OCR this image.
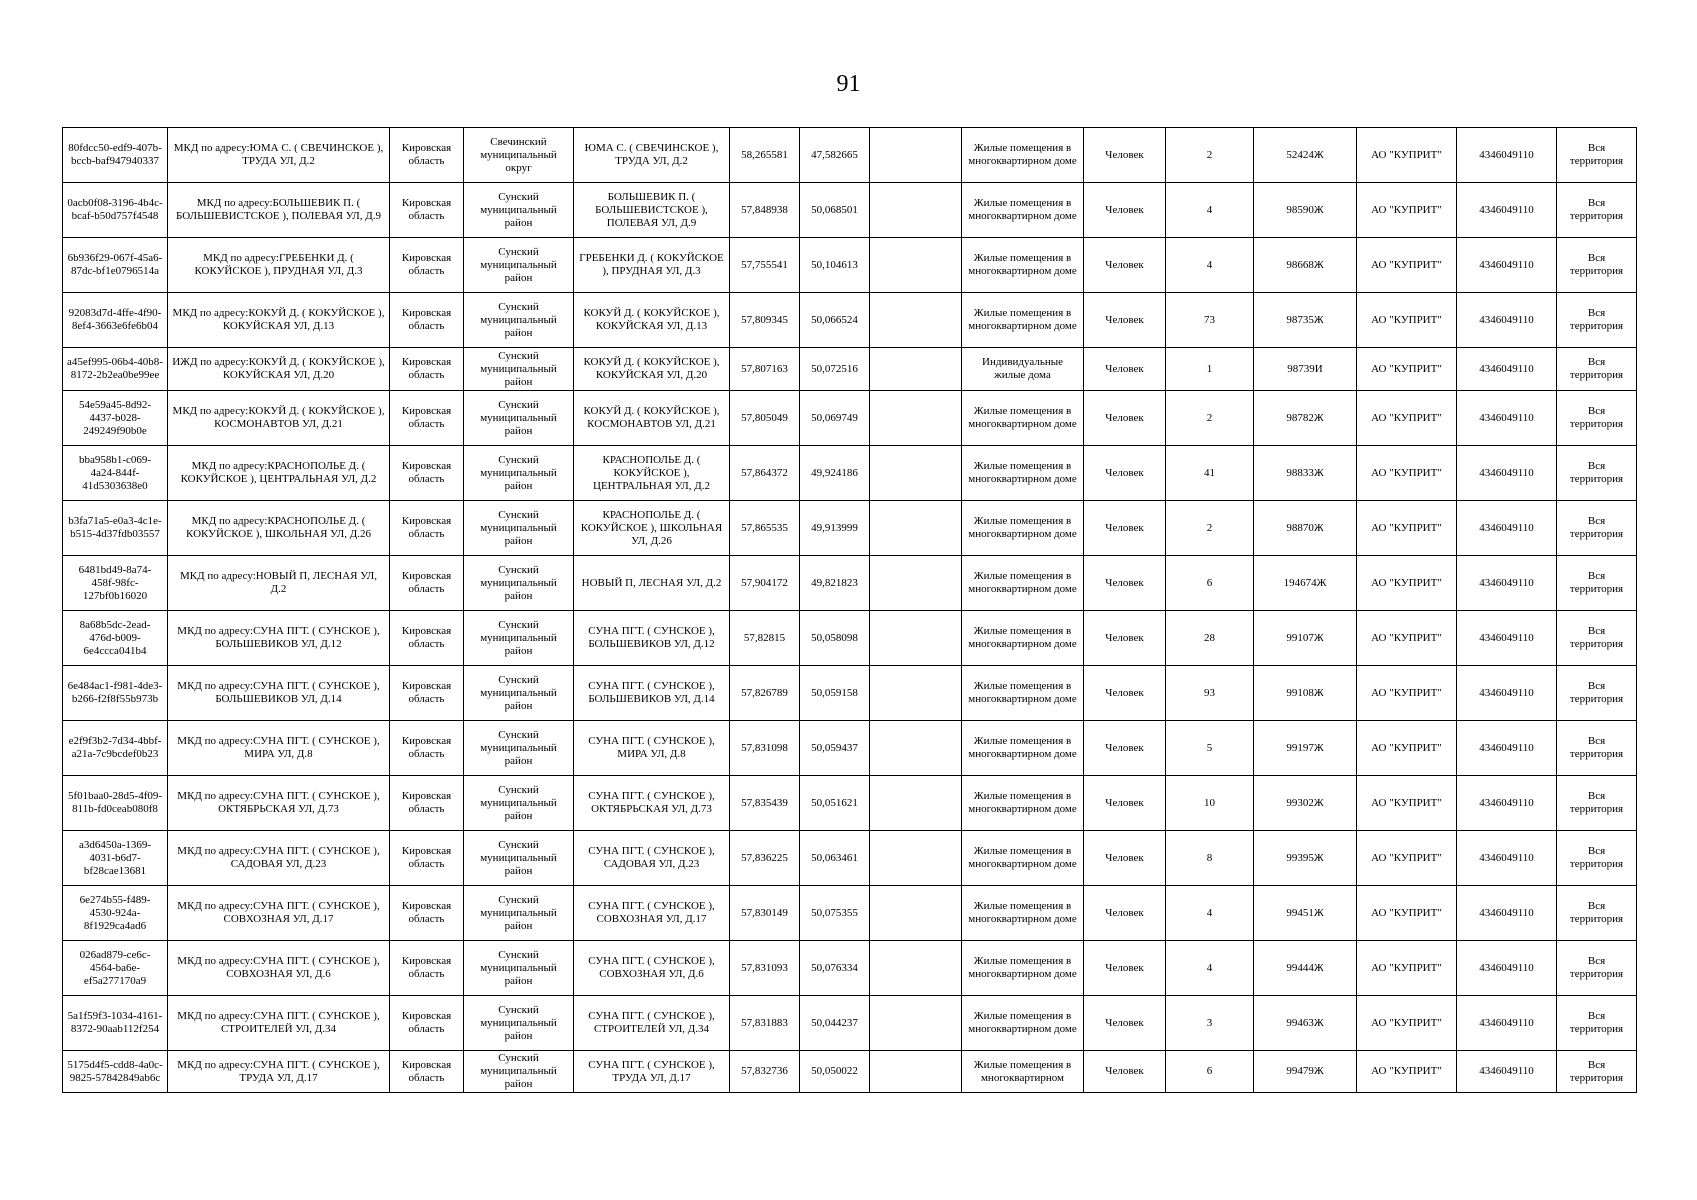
91
80fdcc50-edf9-407b-bccb-baf947940337	МКД по адресу:ЮМА С. ( СВЕЧИНСКОЕ ), ТРУДА УЛ, Д.2	Кировская область	Свечинский муниципальный округ	ЮМА С. ( СВЕЧИНСКОЕ ), ТРУДА УЛ, Д.2	58,265581	47,582665		Жилые помещения в многоквартирном доме	Человек	2	52424Ж	АО "КУПРИТ"	4346049110	Вся территория
0acb0f08-3196-4b4c-bcaf-b50d757f4548	МКД по адресу:БОЛЬШЕВИК П. ( БОЛЬШЕВИСТСКОЕ ), ПОЛЕВАЯ УЛ, Д.9	Кировская область	Сунский муниципальный район	БОЛЬШЕВИК П. ( БОЛЬШЕВИСТСКОЕ ), ПОЛЕВАЯ УЛ, Д.9	57,848938	50,068501		Жилые помещения в многоквартирном доме	Человек	4	98590Ж	АО "КУПРИТ"	4346049110	Вся территория
6b936f29-067f-45a6-87dc-bf1e0796514a	МКД по адресу:ГРЕБЕНКИ Д. ( КОКУЙСКОЕ ), ПРУДНАЯ УЛ, Д.3	Кировская область	Сунский муниципальный район	ГРЕБЕНКИ Д. ( КОКУЙСКОЕ ), ПРУДНАЯ УЛ, Д.3	57,755541	50,104613		Жилые помещения в многоквартирном доме	Человек	4	98668Ж	АО "КУПРИТ"	4346049110	Вся территория
92083d7d-4ffe-4f90-8ef4-3663e6fe6b04	МКД по адресу:КОКУЙ Д. ( КОКУЙСКОЕ ), КОКУЙСКАЯ УЛ, Д.13	Кировская область	Сунский муниципальный район	КОКУЙ Д. ( КОКУЙСКОЕ ), КОКУЙСКАЯ УЛ, Д.13	57,809345	50,066524		Жилые помещения в многоквартирном доме	Человек	73	98735Ж	АО "КУПРИТ"	4346049110	Вся территория
a45ef995-06b4-40b8-8172-2b2ea0be99ee	ИЖД по адресу:КОКУЙ Д. ( КОКУЙСКОЕ ), КОКУЙСКАЯ УЛ, Д.20	Кировская область	Сунский муниципальный район	КОКУЙ Д. ( КОКУЙСКОЕ ), КОКУЙСКАЯ УЛ, Д.20	57,807163	50,072516		Индивидуальные жилые дома	Человек	1	98739И	АО "КУПРИТ"	4346049110	Вся территория
54e59a45-8d92-4437-b028-249249f90b0e	МКД по адресу:КОКУЙ Д. ( КОКУЙСКОЕ ), КОСМОНАВТОВ УЛ, Д.21	Кировская область	Сунский муниципальный район	КОКУЙ Д. ( КОКУЙСКОЕ ), КОСМОНАВТОВ УЛ, Д.21	57,805049	50,069749		Жилые помещения в многоквартирном доме	Человек	2	98782Ж	АО "КУПРИТ"	4346049110	Вся территория
bba958b1-c069-4a24-844f-41d5303638e0	МКД по адресу:КРАСНОПОЛЬЕ Д. ( КОКУЙСКОЕ ), ЦЕНТРАЛЬНАЯ УЛ, Д.2	Кировская область	Сунский муниципальный район	КРАСНОПОЛЬЕ Д. ( КОКУЙСКОЕ ), ЦЕНТРАЛЬНАЯ УЛ, Д.2	57,864372	49,924186		Жилые помещения в многоквартирном доме	Человек	41	98833Ж	АО "КУПРИТ"	4346049110	Вся территория
b3fa71a5-e0a3-4c1e-b515-4d37fdb03557	МКД по адресу:КРАСНОПОЛЬЕ Д. ( КОКУЙСКОЕ ), ШКОЛЬНАЯ УЛ, Д.26	Кировская область	Сунский муниципальный район	КРАСНОПОЛЬЕ Д. ( КОКУЙСКОЕ ), ШКОЛЬНАЯ УЛ, Д.26	57,865535	49,913999		Жилые помещения в многоквартирном доме	Человек	2	98870Ж	АО "КУПРИТ"	4346049110	Вся территория
6481bd49-8a74-458f-98fc-127bf0b16020	МКД по адресу:НОВЫЙ П, ЛЕСНАЯ УЛ, Д.2	Кировская область	Сунский муниципальный район	НОВЫЙ П, ЛЕСНАЯ УЛ, Д.2	57,904172	49,821823		Жилые помещения в многоквартирном доме	Человек	6	194674Ж	АО "КУПРИТ"	4346049110	Вся территория
8a68b5dc-2ead-476d-b009-6e4ccca041b4	МКД по адресу:СУНА ПГТ. ( СУНСКОЕ ), БОЛЬШЕВИКОВ УЛ, Д.12	Кировская область	Сунский муниципальный район	СУНА ПГТ. ( СУНСКОЕ ), БОЛЬШЕВИКОВ УЛ, Д.12	57,82815	50,058098		Жилые помещения в многоквартирном доме	Человек	28	99107Ж	АО "КУПРИТ"	4346049110	Вся территория
6e484ac1-f981-4de3-b266-f2f8f55b973b	МКД по адресу:СУНА ПГТ. ( СУНСКОЕ ), БОЛЬШЕВИКОВ УЛ, Д.14	Кировская область	Сунский муниципальный район	СУНА ПГТ. ( СУНСКОЕ ), БОЛЬШЕВИКОВ УЛ, Д.14	57,826789	50,059158		Жилые помещения в многоквартирном доме	Человек	93	99108Ж	АО "КУПРИТ"	4346049110	Вся территория
e2f9f3b2-7d34-4bbf-a21a-7c9bcdef0b23	МКД по адресу:СУНА ПГТ. ( СУНСКОЕ ), МИРА УЛ, Д.8	Кировская область	Сунский муниципальный район	СУНА ПГТ. ( СУНСКОЕ ), МИРА УЛ, Д.8	57,831098	50,059437		Жилые помещения в многоквартирном доме	Человек	5	99197Ж	АО "КУПРИТ"	4346049110	Вся территория
5f01baa0-28d5-4f09-811b-fd0ceab080f8	МКД по адресу:СУНА ПГТ. ( СУНСКОЕ ), ОКТЯБРЬСКАЯ УЛ, Д.73	Кировская область	Сунский муниципальный район	СУНА ПГТ. ( СУНСКОЕ ), ОКТЯБРЬСКАЯ УЛ, Д.73	57,835439	50,051621		Жилые помещения в многоквартирном доме	Человек	10	99302Ж	АО "КУПРИТ"	4346049110	Вся территория
a3d6450a-1369-4031-b6d7-bf28cae13681	МКД по адресу:СУНА ПГТ. ( СУНСКОЕ ), САДОВАЯ УЛ, Д.23	Кировская область	Сунский муниципальный район	СУНА ПГТ. ( СУНСКОЕ ), САДОВАЯ УЛ, Д.23	57,836225	50,063461		Жилые помещения в многоквартирном доме	Человек	8	99395Ж	АО "КУПРИТ"	4346049110	Вся территория
6e274b55-f489-4530-924a-8f1929ca4ad6	МКД по адресу:СУНА ПГТ. ( СУНСКОЕ ), СОВХОЗНАЯ УЛ, Д.17	Кировская область	Сунский муниципальный район	СУНА ПГТ. ( СУНСКОЕ ), СОВХОЗНАЯ УЛ, Д.17	57,830149	50,075355		Жилые помещения в многоквартирном доме	Человек	4	99451Ж	АО "КУПРИТ"	4346049110	Вся территория
026ad879-ce6c-4564-ba6e-ef5a277170a9	МКД по адресу:СУНА ПГТ. ( СУНСКОЕ ), СОВХОЗНАЯ УЛ, Д.6	Кировская область	Сунский муниципальный район	СУНА ПГТ. ( СУНСКОЕ ), СОВХОЗНАЯ УЛ, Д.6	57,831093	50,076334		Жилые помещения в многоквартирном доме	Человек	4	99444Ж	АО "КУПРИТ"	4346049110	Вся территория
5a1f59f3-1034-4161-8372-90aab112f254	МКД по адресу:СУНА ПГТ. ( СУНСКОЕ ), СТРОИТЕЛЕЙ УЛ, Д.34	Кировская область	Сунский муниципальный район	СУНА ПГТ. ( СУНСКОЕ ), СТРОИТЕЛЕЙ УЛ, Д.34	57,831883	50,044237		Жилые помещения в многоквартирном доме	Человек	3	99463Ж	АО "КУПРИТ"	4346049110	Вся территория
5175d4f5-cdd8-4a0c-9825-57842849ab6c	МКД по адресу:СУНА ПГТ. ( СУНСКОЕ ), ТРУДА УЛ, Д.17	Кировская область	Сунский муниципальный район	СУНА ПГТ. ( СУНСКОЕ ), ТРУДА УЛ, Д.17	57,832736	50,050022		Жилые помещения в многоквартирном	Человек	6	99479Ж	АО "КУПРИТ"	4346049110	Вся территория
